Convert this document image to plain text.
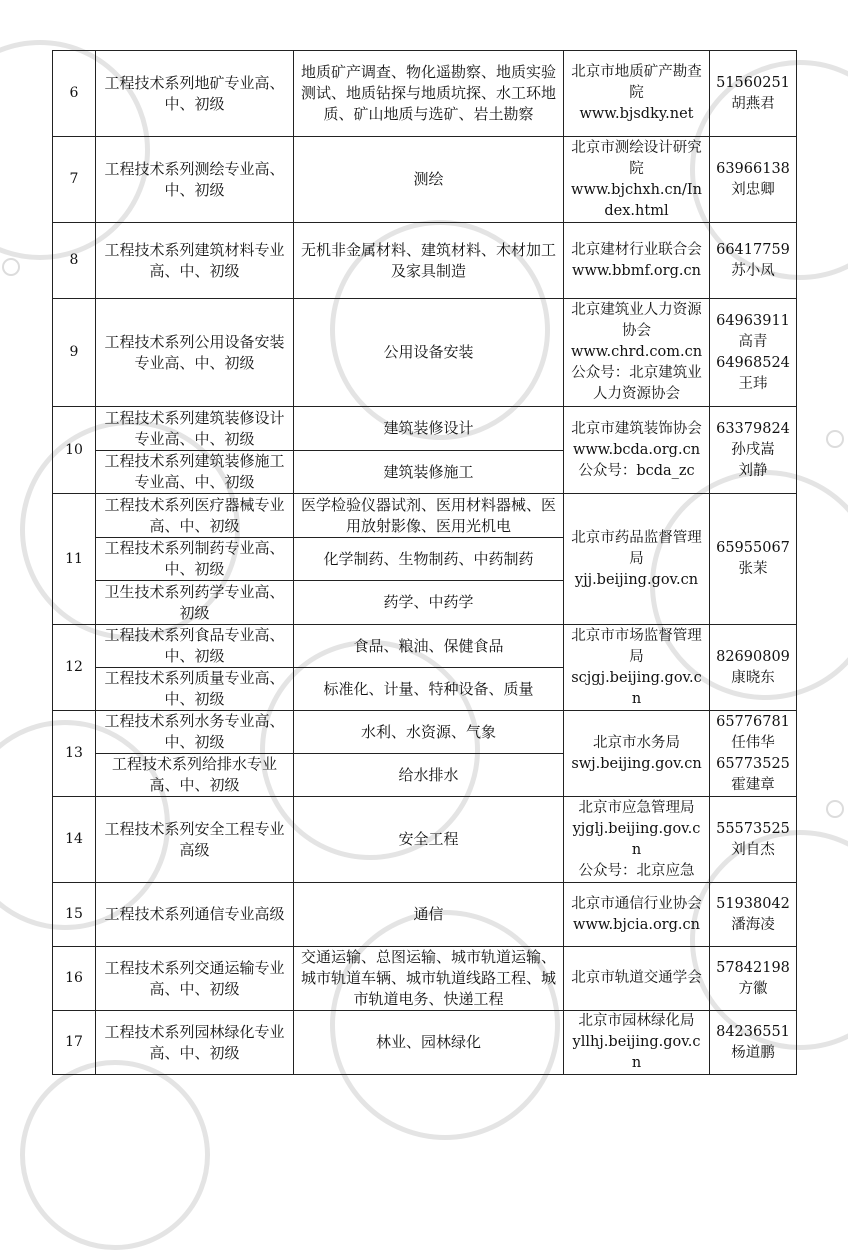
6	工程技术系列地矿专业高、中、初级	地质矿产调查、物化遥勘察、地质实验测试、地质钻探与地质坑探、水工环地质、矿山地质与选矿、岩土勘察	北京市地质矿产勘查院
www.bjsdky.net	51560251
胡燕君

7	工程技术系列测绘专业高、中、初级	测绘	北京市测绘设计研究院
www.bjchxh.cn/Index.html	63966138
刘忠卿

8	工程技术系列建筑材料专业高、中、初级	无机非金属材料、建筑材料、木材加工及家具制造	北京建材行业联合会
www.bbmf.org.cn	66417759
苏小凤

9	工程技术系列公用设备安装专业高、中、初级	公用设备安装	北京建筑业人力资源协会
www.chrd.com.cn
公众号：北京建筑业人力资源协会	64963911
高青
64968524
王玮

10	工程技术系列建筑装修设计专业高、中、初级	建筑装修设计	北京市建筑装饰协会
www.bcda.org.cn
公众号：bcda_zc	63379824
孙戌嵩
刘静

	工程技术系列建筑装修施工专业高、中、初级	建筑装修施工		
11	工程技术系列医疗器械专业高、中、初级	医学检验仪器试剂、医用材料器械、医用放射影像、医用光机电	北京市药品监督管理局
yjj.beijing.gov.cn	65955067
张茉

	工程技术系列制药专业高、中、初级	化学制药、生物制药、中药制药		
	卫生技术系列药学专业高、初级	药学、中药学		
12	工程技术系列食品专业高、中、初级	食品、粮油、保健食品	北京市市场监督管理局
scjgj.beijing.gov.cn	82690809
康晓东

	工程技术系列质量专业高、中、初级	标准化、计量、特种设备、质量		
13	工程技术系列水务专业高、中、初级	水利、水资源、气象	北京市水务局
swj.beijing.gov.cn	65776781
任伟华
65773525
霍建章

	工程技术系列给排水专业高、中、初级	给水排水		
14	工程技术系列安全工程专业高级	安全工程	北京市应急管理局
yjglj.beijing.gov.cn
公众号：北京应急	55573525
刘自杰

15	工程技术系列通信专业高级	通信	北京市通信行业协会
www.bjcia.org.cn	51938042
潘海凌

16	工程技术系列交通运输专业高、中、初级	交通运输、总图运输、城市轨道运输、城市轨道车辆、城市轨道线路工程、城市轨道电务、快递工程	北京市轨道交通学会	57842198
方徽

17	工程技术系列园林绿化专业高、中、初级	林业、园林绿化	北京市园林绿化局
yllhj.beijing.gov.cn	84236551
杨道鹏
